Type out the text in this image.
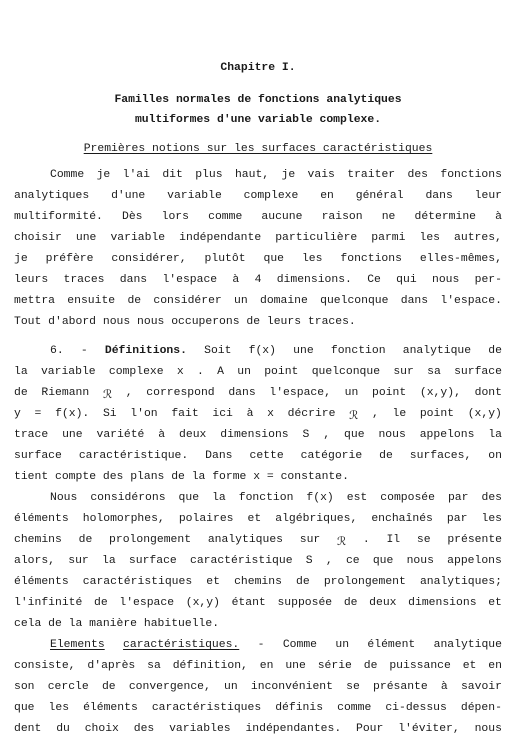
Chapitre I.
Familles normales de fonctions analytiques
multiformes d'une variable complexe.
Premières notions sur les surfaces caractéristiques
Comme je l'ai dit plus haut, je vais traiter des fonctions
analytiques d'une variable complexe en général dans leur
multiformité. Dès lors comme aucune raison ne détermine à
choisir une variable indépendante particulière parmi les autres,
je préfère considérer, plutôt que les fonctions elles-mêmes,
leurs traces dans l'espace à 4 dimensions. Ce qui nous per-
mettra ensuite de considérer un domaine quelconque dans l'espace.
Tout d'abord nous nous occuperons de leurs traces.
6. - Définitions. Soit f(x) une fonction analytique de
la variable complexe x . A un point quelconque sur sa surface
de Riemann ℛ , correspond dans l'espace, un point (x,y), dont
y = f(x). Si l'on fait ici à x décrire ℛ , le point (x,y)
trace une variété à deux dimensions S , que nous appelons la
surface caractéristique. Dans cette catégorie de surfaces, on
tient compte des plans de la forme x = constante.
Nous considérons que la fonction f(x) est composée par des
éléments holomorphes, polaires et algébriques, enchaînés par les
chemins de prolongement analytiques sur ℛ . Il se présente
alors, sur la surface caractéristique S , ce que nous appelons
éléments caractéristiques et chemins de prolongement analytiques;
l'infinité de l'espace (x,y) étant supposée de deux dimensions et
cela de la manière habituelle.
Elements caractéristiques. - Comme un élément analytique
consiste, d'après sa définition, en une série de puissance et en
son cercle de convergence, un inconvénient se présante à savoir
que les éléments caractéristiques définis comme ci-dessus dépen-
dent du choix des variables indépendantes. Pour l'éviter, nous
